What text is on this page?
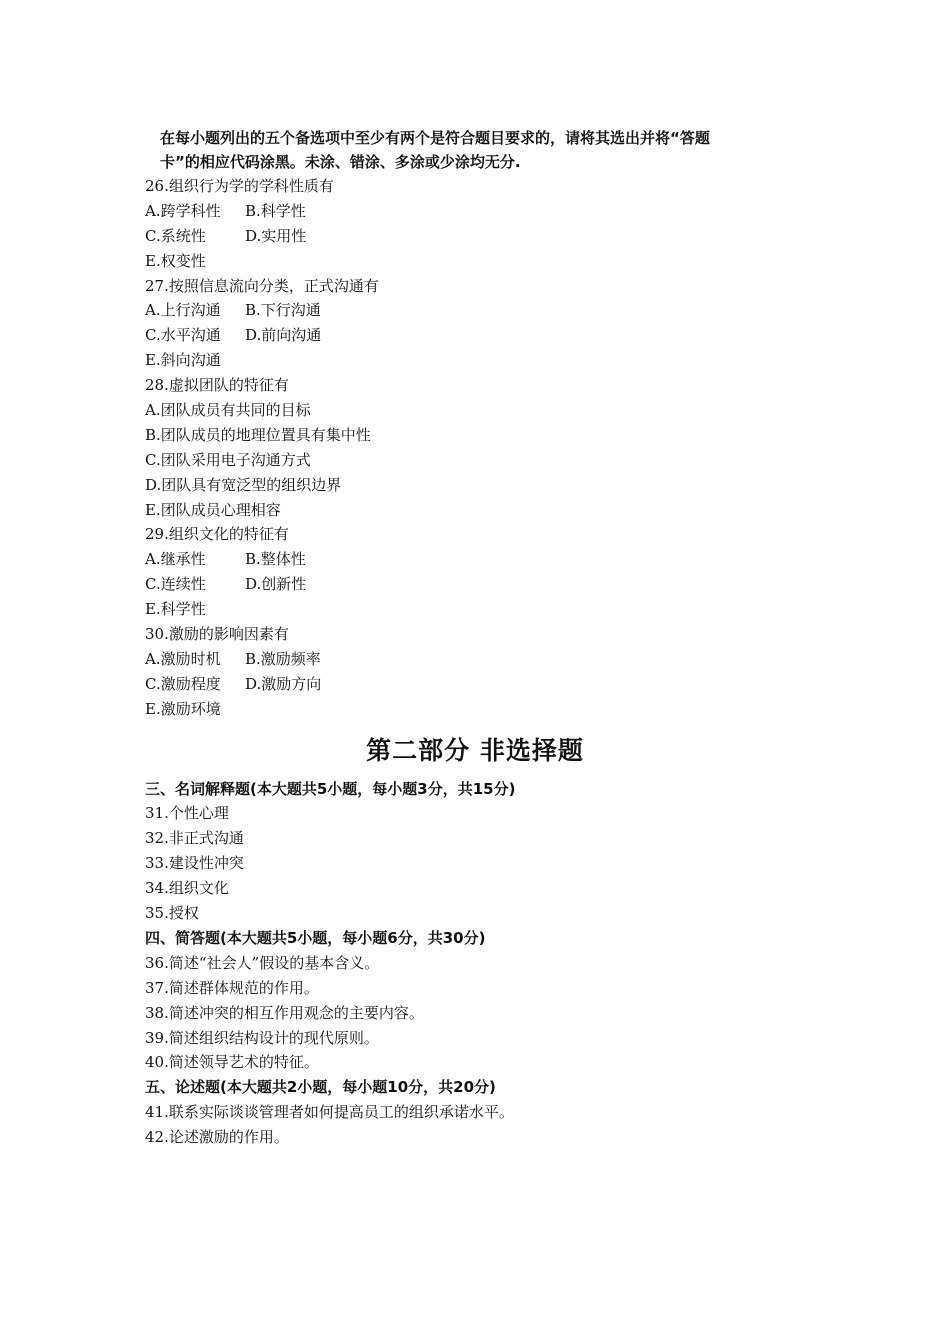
在每小题列出的五个备选项中至少有两个是符合题目要求的，请将其选出并将“答题

卡”的相应代码涂黑。未涂、错涂、多涂或少涂均无分.

26.组织行为学的学科性质有
A.跨学科性 B.科学性
C.系统性	D.实用性
E.权变性
27.按照信息流向分类，正式沟通有
A.上行沟通 B.下行沟通
C.水平沟通 D.前向沟通
E.斜向沟通
28.虚拟团队的特征有
A.团队成员有共同的目标
B.团队成员的地理位置具有集中性
C.团队采用电子沟通方式
D.团队具有宽泛型的组织边界
E.团队成员心理相容
29.组织文化的特征有
A.继承性	B.整体性
C.连续性	D.创新性
E.科学性
30.激励的影响因素有
A.激励时机 B.激励频率
C.激励程度 D.激励方向
E.激励环境
第二部分 非选择题
三、名词解释题(本大题共5小题，每小题3分，共15分)
31.个性心理
32.非正式沟通
33.建设性冲突
34.组织文化
35.授权
四、简答题(本大题共5小题，每小题6分，共30分)
36.简述“社会人”假设的基本含义。
37.简述群体规范的作用。
38.简述冲突的相互作用观念的主要内容。
39.简述组织结构设计的现代原则。
40.简述领导艺术的特征。
五、论述题(本大题共2小题，每小题10分，共20分)
41.联系实际谈谈管理者如何提高员工的组织承诺水平。
42.论述激励的作用。
